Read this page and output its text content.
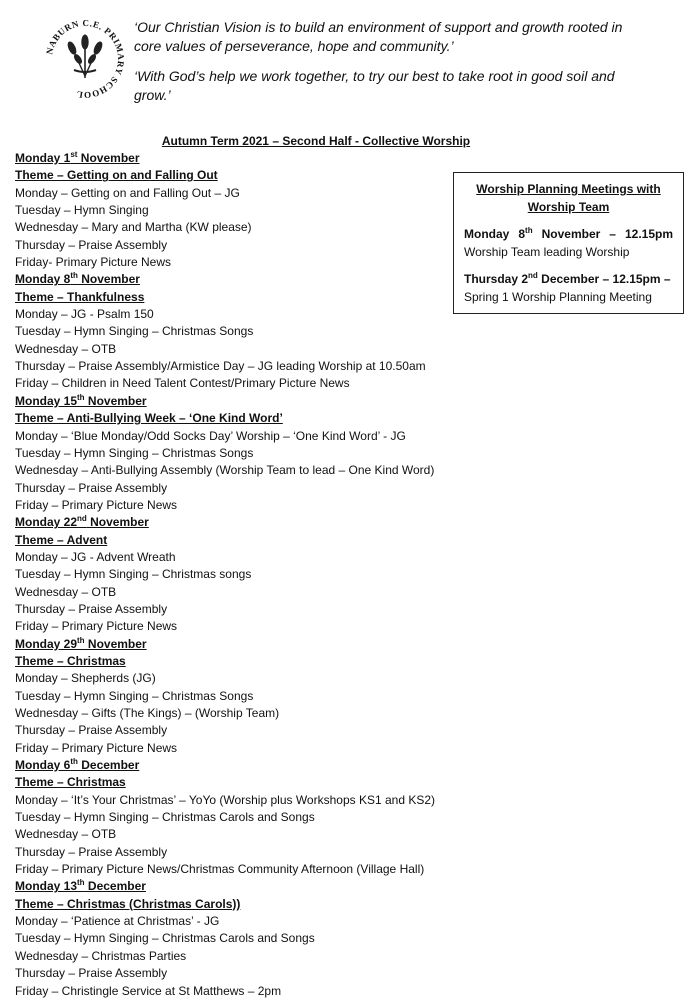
NABURN C.E. PRIMARY SCHOOL

‘Our Christian Vision is to build an environment of support and growth rooted in core values of perseverance, hope and community.’

‘With God’s help we work together, to try our best to take root in good soil and grow.’

Autumn Term 2021 – Second Half - Collective Worship
Monday 1st November
Theme – Getting on and Falling Out
Monday – Getting on and Falling Out – JG
Tuesday – Hymn Singing
Wednesday – Mary and Martha (KW please)
Thursday – Praise Assembly
Friday- Primary Picture News
Monday 8th November
Theme – Thankfulness
Monday – JG - Psalm 150
Tuesday – Hymn Singing – Christmas Songs
Wednesday – OTB
Thursday – Praise Assembly/Armistice Day – JG leading Worship at 10.50am
Friday – Children in Need Talent Contest/Primary Picture News
Monday 15th November
Theme – Anti-Bullying Week – ‘One Kind Word’
Monday – ‘Blue Monday/Odd Socks Day’ Worship – ‘One Kind Word’ - JG
Tuesday – Hymn Singing – Christmas Songs
Wednesday – Anti-Bullying Assembly (Worship Team to lead – One Kind Word)
Thursday – Praise Assembly
Friday – Primary Picture News
Monday 22nd November
Theme – Advent
Monday – JG - Advent Wreath
Tuesday – Hymn Singing – Christmas songs
Wednesday – OTB
Thursday – Praise Assembly
Friday – Primary Picture News
Monday 29th November
Theme – Christmas
Monday – Shepherds (JG)
Tuesday – Hymn Singing – Christmas Songs
Wednesday – Gifts (The Kings) – (Worship Team)
Thursday – Praise Assembly
Friday – Primary Picture News
Monday 6th December
Theme – Christmas
Monday – ‘It’s Your Christmas’ – YoYo (Worship plus Workshops KS1 and KS2)
Tuesday – Hymn Singing – Christmas Carols and Songs
Wednesday – OTB
Thursday – Praise Assembly
Friday – Primary Picture News/Christmas Community Afternoon (Village Hall)
Monday 13th December
Theme – Christmas (Christmas Carols))
Monday – ‘Patience at Christmas’ - JG
Tuesday – Hymn Singing – Christmas Carols and Songs
Wednesday – Christmas Parties
Thursday – Praise Assembly
Friday – Christingle Service at St Matthews – 2pm
Worship Planning Meetings with Worship Team
Monday 8th November – 12.15pm
Worship Team leading Worship
Thursday 2nd December – 12.15pm –
Spring 1 Worship Planning Meeting
